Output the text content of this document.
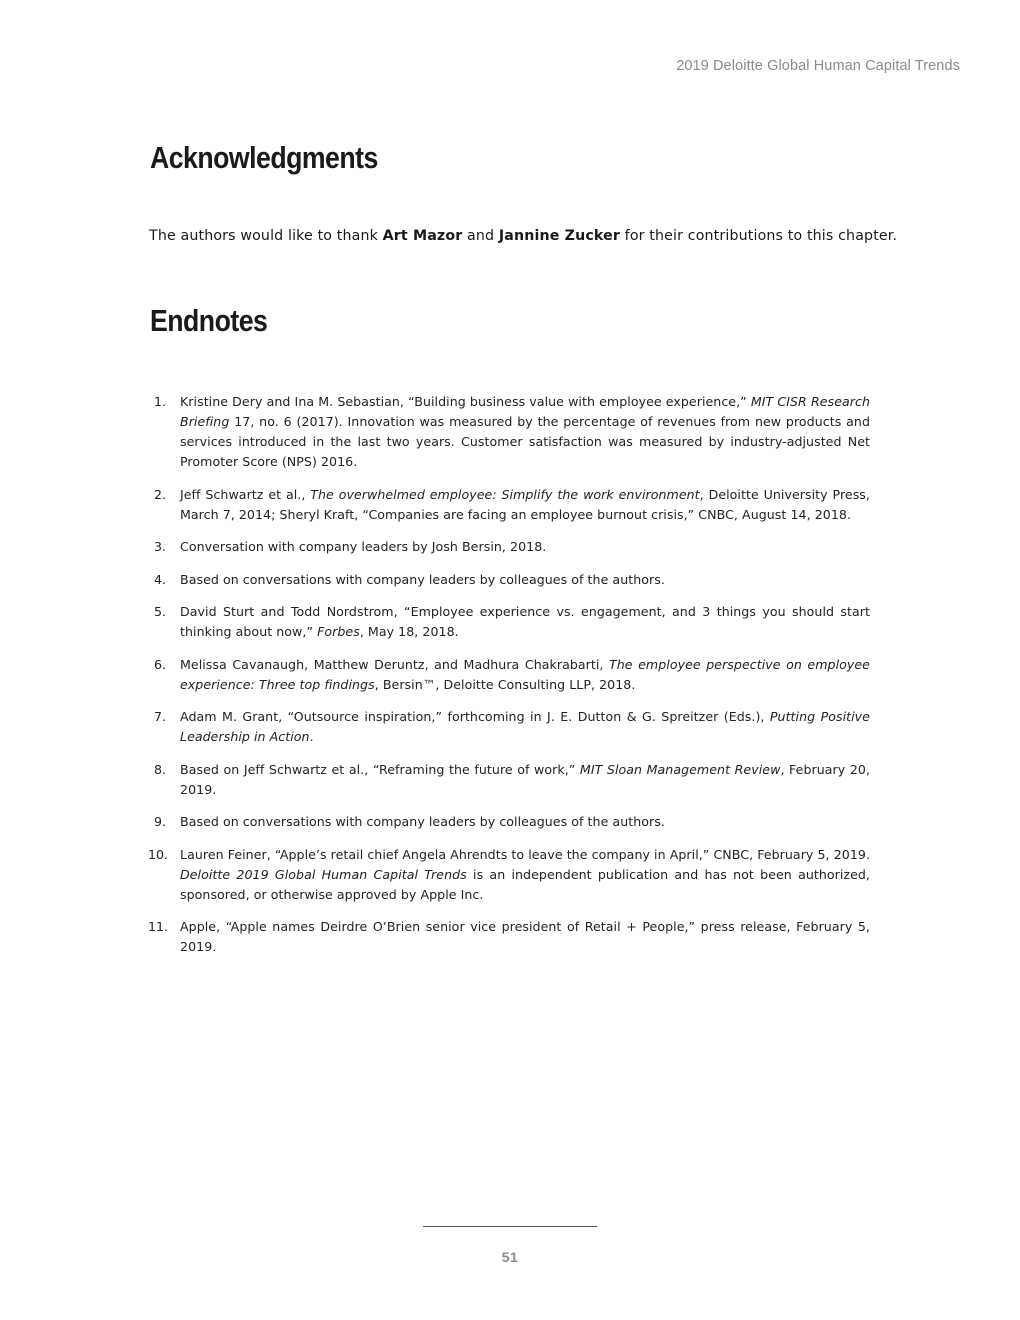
2019 Deloitte Global Human Capital Trends
Acknowledgments

The authors would like to thank Art Mazor and Jannine Zucker for their contributions to this chapter.

Endnotes
1.	Kristine Dery and Ina M. Sebastian, “Building business value with employee experience,” MIT CISR Research Briefing 17, no. 6 (2017). Innovation was measured by the percentage of revenues from new products and services introduced in the last two years. Customer satisfaction was measured by industry-adjusted Net Promoter Score (NPS) 2016.
2.	Jeff Schwartz et al., The overwhelmed employee: Simplify the work environment, Deloitte University Press, March 7, 2014; Sheryl Kraft, “Companies are facing an employee burnout crisis,” CNBC, August 14, 2018.
3.	Conversation with company leaders by Josh Bersin, 2018.
4.	Based on conversations with company leaders by colleagues of the authors.
5.	David Sturt and Todd Nordstrom, “Employee experience vs. engagement, and 3 things you should start thinking about now,” Forbes, May 18, 2018.
6.	Melissa Cavanaugh, Matthew Deruntz, and Madhura Chakrabarti, The employee perspective on employee experience: Three top findings, Bersin™, Deloitte Consulting LLP, 2018.
7.	Adam M. Grant, “Outsource inspiration,” forthcoming in J. E. Dutton & G. Spreitzer (Eds.), Putting Positive Leadership in Action.
8.	Based on Jeff Schwartz et al., “Reframing the future of work,” MIT Sloan Management Review, February 20, 2019.
9.	Based on conversations with company leaders by colleagues of the authors.
10. Lauren Feiner, “Apple’s retail chief Angela Ahrendts to leave the company in April,” CNBC, February 5, 2019. Deloitte 2019 Global Human Capital Trends is an independent publication and has not been authorized, sponsored, or otherwise approved by Apple Inc.
11. Apple, “Apple names Deirdre O’Brien senior vice president of Retail + People,” press release, February 5, 2019.
51
